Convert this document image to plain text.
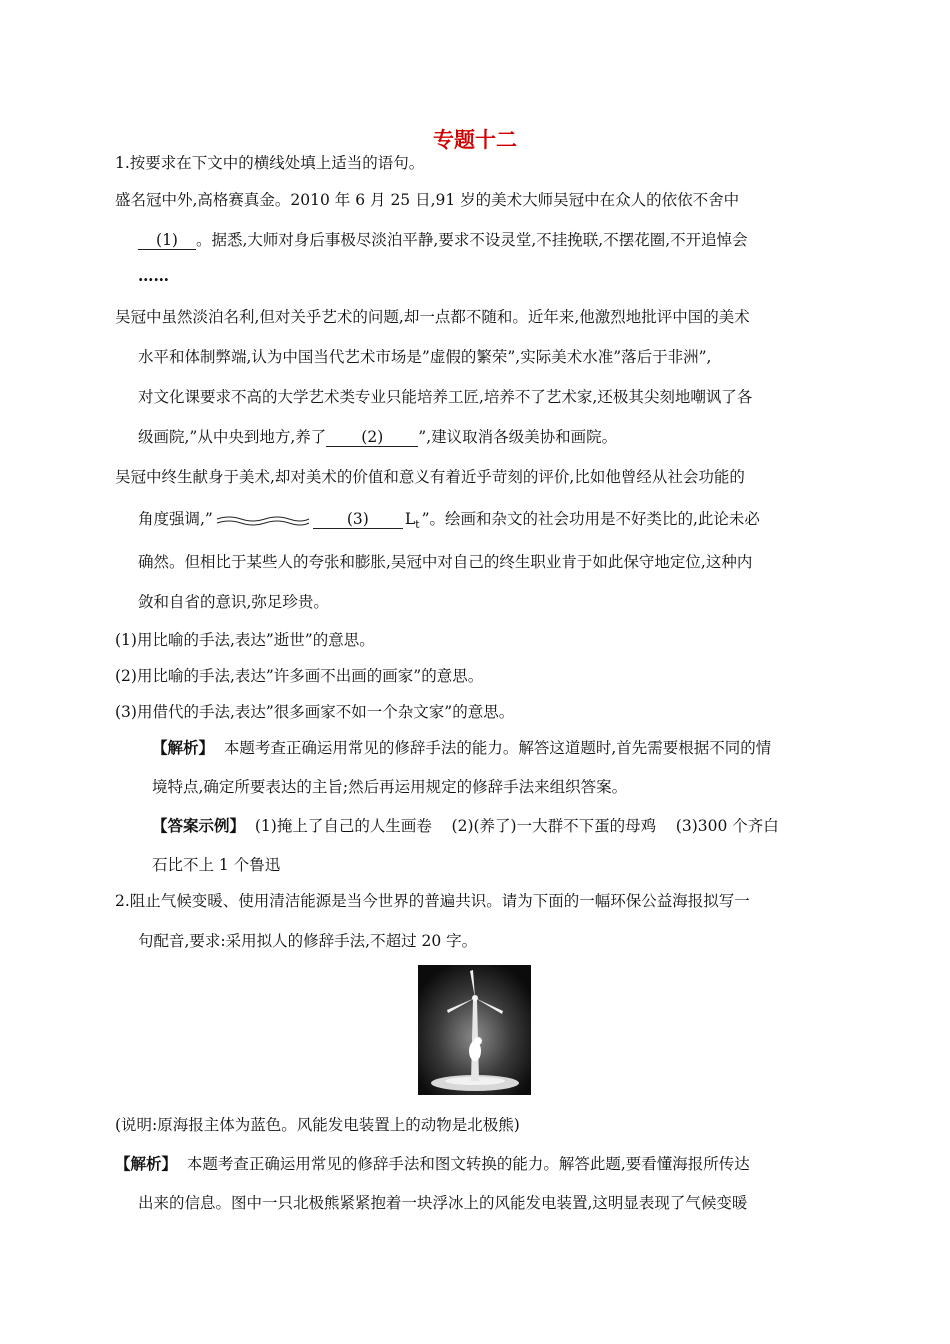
专题十二
1.按要求在下文中的横线处填上适当的语句。
盛名冠中外,高格赛真金。2010 年 6 月 25 日,91 岁的美术大师吴冠中在众人的依依不舍中
(1) 。据悉,大师对身后事极尽淡泊平静,要求不设灵堂,不挂挽联,不摆花圈,不开追悼会
……
吴冠中虽然淡泊名利,但对关乎艺术的问题,却一点都不随和。近年来,他激烈地批评中国的美术
水平和体制弊端,认为中国当代艺术市场是”虚假的繁荣”,实际美术水准”落后于非洲”,
对文化课要求不高的大学艺术类专业只能培养工匠,培养不了艺术家,还极其尖刻地嘲讽了各
级画院,”从中央到地方,养了 (2) ”,建议取消各级美协和画院。
吴冠中终生献身于美术,却对美术的价值和意义有着近乎苛刻的评价,比如他曾经从社会功能的
角度强调,”	(3) $L_t$ ”。绘画和杂文的社会功用是不好类比的,此论未必
确然。但相比于某些人的夸张和膨胀,吴冠中对自己的终生职业肯于如此保守地定位,这种内
敛和自省的意识,弥足珍贵。
(1)用比喻的手法,表达”逝世”的意思。
(2)用比喻的手法,表达”许多画不出画的画家”的意思。
(3)用借代的手法,表达”很多画家不如一个杂文家”的意思。
【解析】 本题考查正确运用常见的修辞手法的能力。解答这道题时,首先需要根据不同的情
境特点,确定所要表达的主旨;然后再运用规定的修辞手法来组织答案。
【答案示例】 (1)掩上了自己的人生画卷    (2)(养了)一大群不下蛋的母鸡    (3)300 个齐白
石比不上 1 个鲁迅
2.阻止气候变暖、使用清洁能源是当今世界的普遍共识。请为下面的一幅环保公益海报拟写一
句配音,要求:采用拟人的修辞手法,不超过 20 字。
(说明:原海报主体为蓝色。风能发电装置上的动物是北极熊)
【解析】 本题考查正确运用常见的修辞手法和图文转换的能力。解答此题,要看懂海报所传达
出来的信息。图中一只北极熊紧紧抱着一块浮冰上的风能发电装置,这明显表现了气候变暖
